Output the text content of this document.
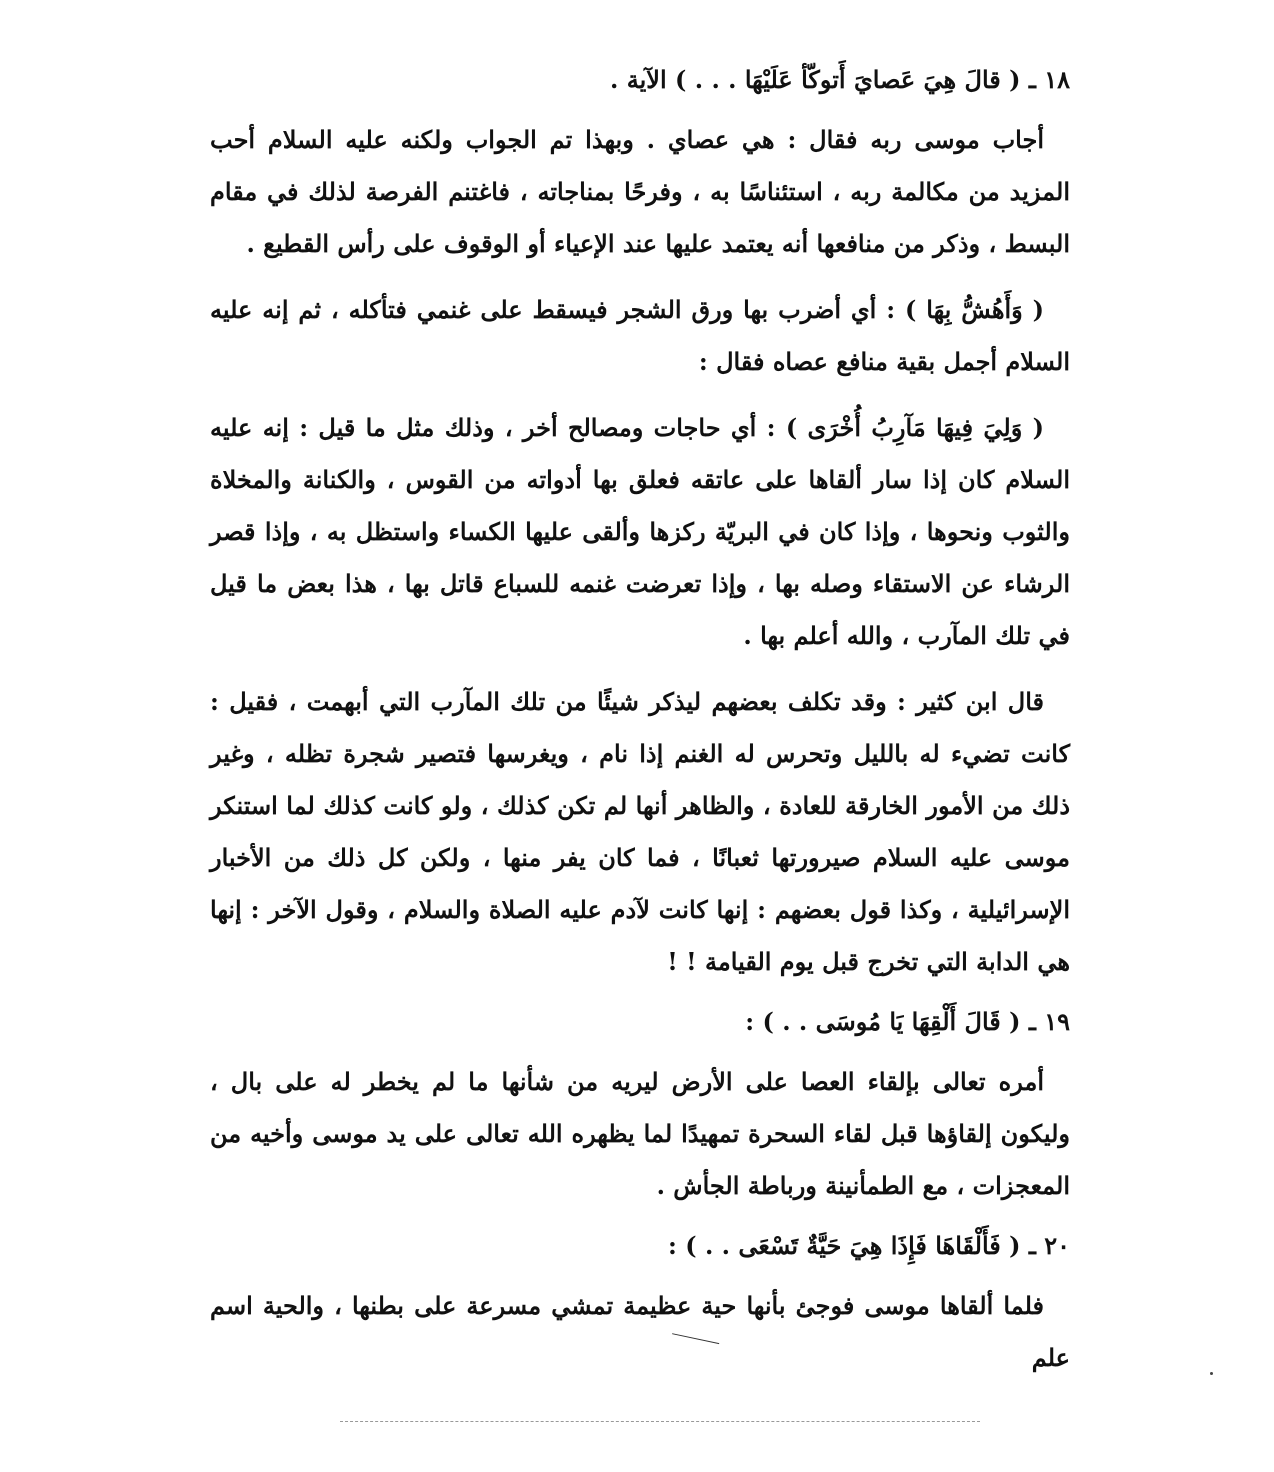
١٨ ـ ( قالَ هِيَ عَصايَ أَتوكّأ عَلَيْهَا . . . ) الآية .

أجاب موسى ربه فقال : هي عصاي . وبهذا تم الجواب ولكنه عليه السلام أحب المزيد من مكالمة ربه ، استئناسًا به ، وفرحًا بمناجاته ، فاغتنم الفرصة لذلك في مقام البسط ، وذكر من منافعها أنه يعتمد عليها عند الإعياء أو الوقوف على رأس القطيع .

( وَأَهُشُّ بِهَا ) : أي أضرب بها ورق الشجر فيسقط على غنمي فتأكله ، ثم إنه عليه السلام أجمل بقية منافع عصاه فقال :

( وَلِيَ فِيهَا مَآرِبُ أُخْرَى ) : أي حاجات ومصالح أخر ، وذلك مثل ما قيل : إنه عليه السلام كان إذا سار ألقاها على عاتقه فعلق بها أدواته من القوس ، والكنانة والمخلاة والثوب ونحوها ، وإذا كان في البريّة ركزها وألقى عليها الكساء واستظل به ، وإذا قصر الرشاء عن الاستقاء وصله بها ، وإذا تعرضت غنمه للسباع قاتل بها ، هذا بعض ما قيل في تلك المآرب ، والله أعلم بها .

قال ابن كثير : وقد تكلف بعضهم ليذكر شيئًا من تلك المآرب التي أبهمت ، فقيل : كانت تضيء له بالليل وتحرس له الغنم إذا نام ، ويغرسها فتصير شجرة تظله ، وغير ذلك من الأمور الخارقة للعادة ، والظاهر أنها لم تكن كذلك ، ولو كانت كذلك لما استنكر موسى عليه السلام صيرورتها ثعبانًا ، فما كان يفر منها ، ولكن كل ذلك من الأخبار الإسرائيلية ، وكذا قول بعضهم : إنها كانت لآدم عليه الصلاة والسلام ، وقول الآخر : إنها هي الدابة التي تخرج قبل يوم القيامة ! !

١٩ ـ ( قَالَ أَلْقِهَا يَا مُوسَى . . ) :

أمره تعالى بإلقاء العصا على الأرض ليريه من شأنها ما لم يخطر له على بال ، وليكون إلقاؤها قبل لقاء السحرة تمهيدًا لما يظهره الله تعالى على يد موسى وأخيه من المعجزات ، مع الطمأنينة ورباطة الجأش .

٢٠ ـ ( فَأَلْقَاهَا فَإِذَا هِيَ حَيَّةٌ تَسْعَى . . ) :

فلما ألقاها موسى فوجئ بأنها حية عظيمة تمشي مسرعة على بطنها ، والحية اسم علم
